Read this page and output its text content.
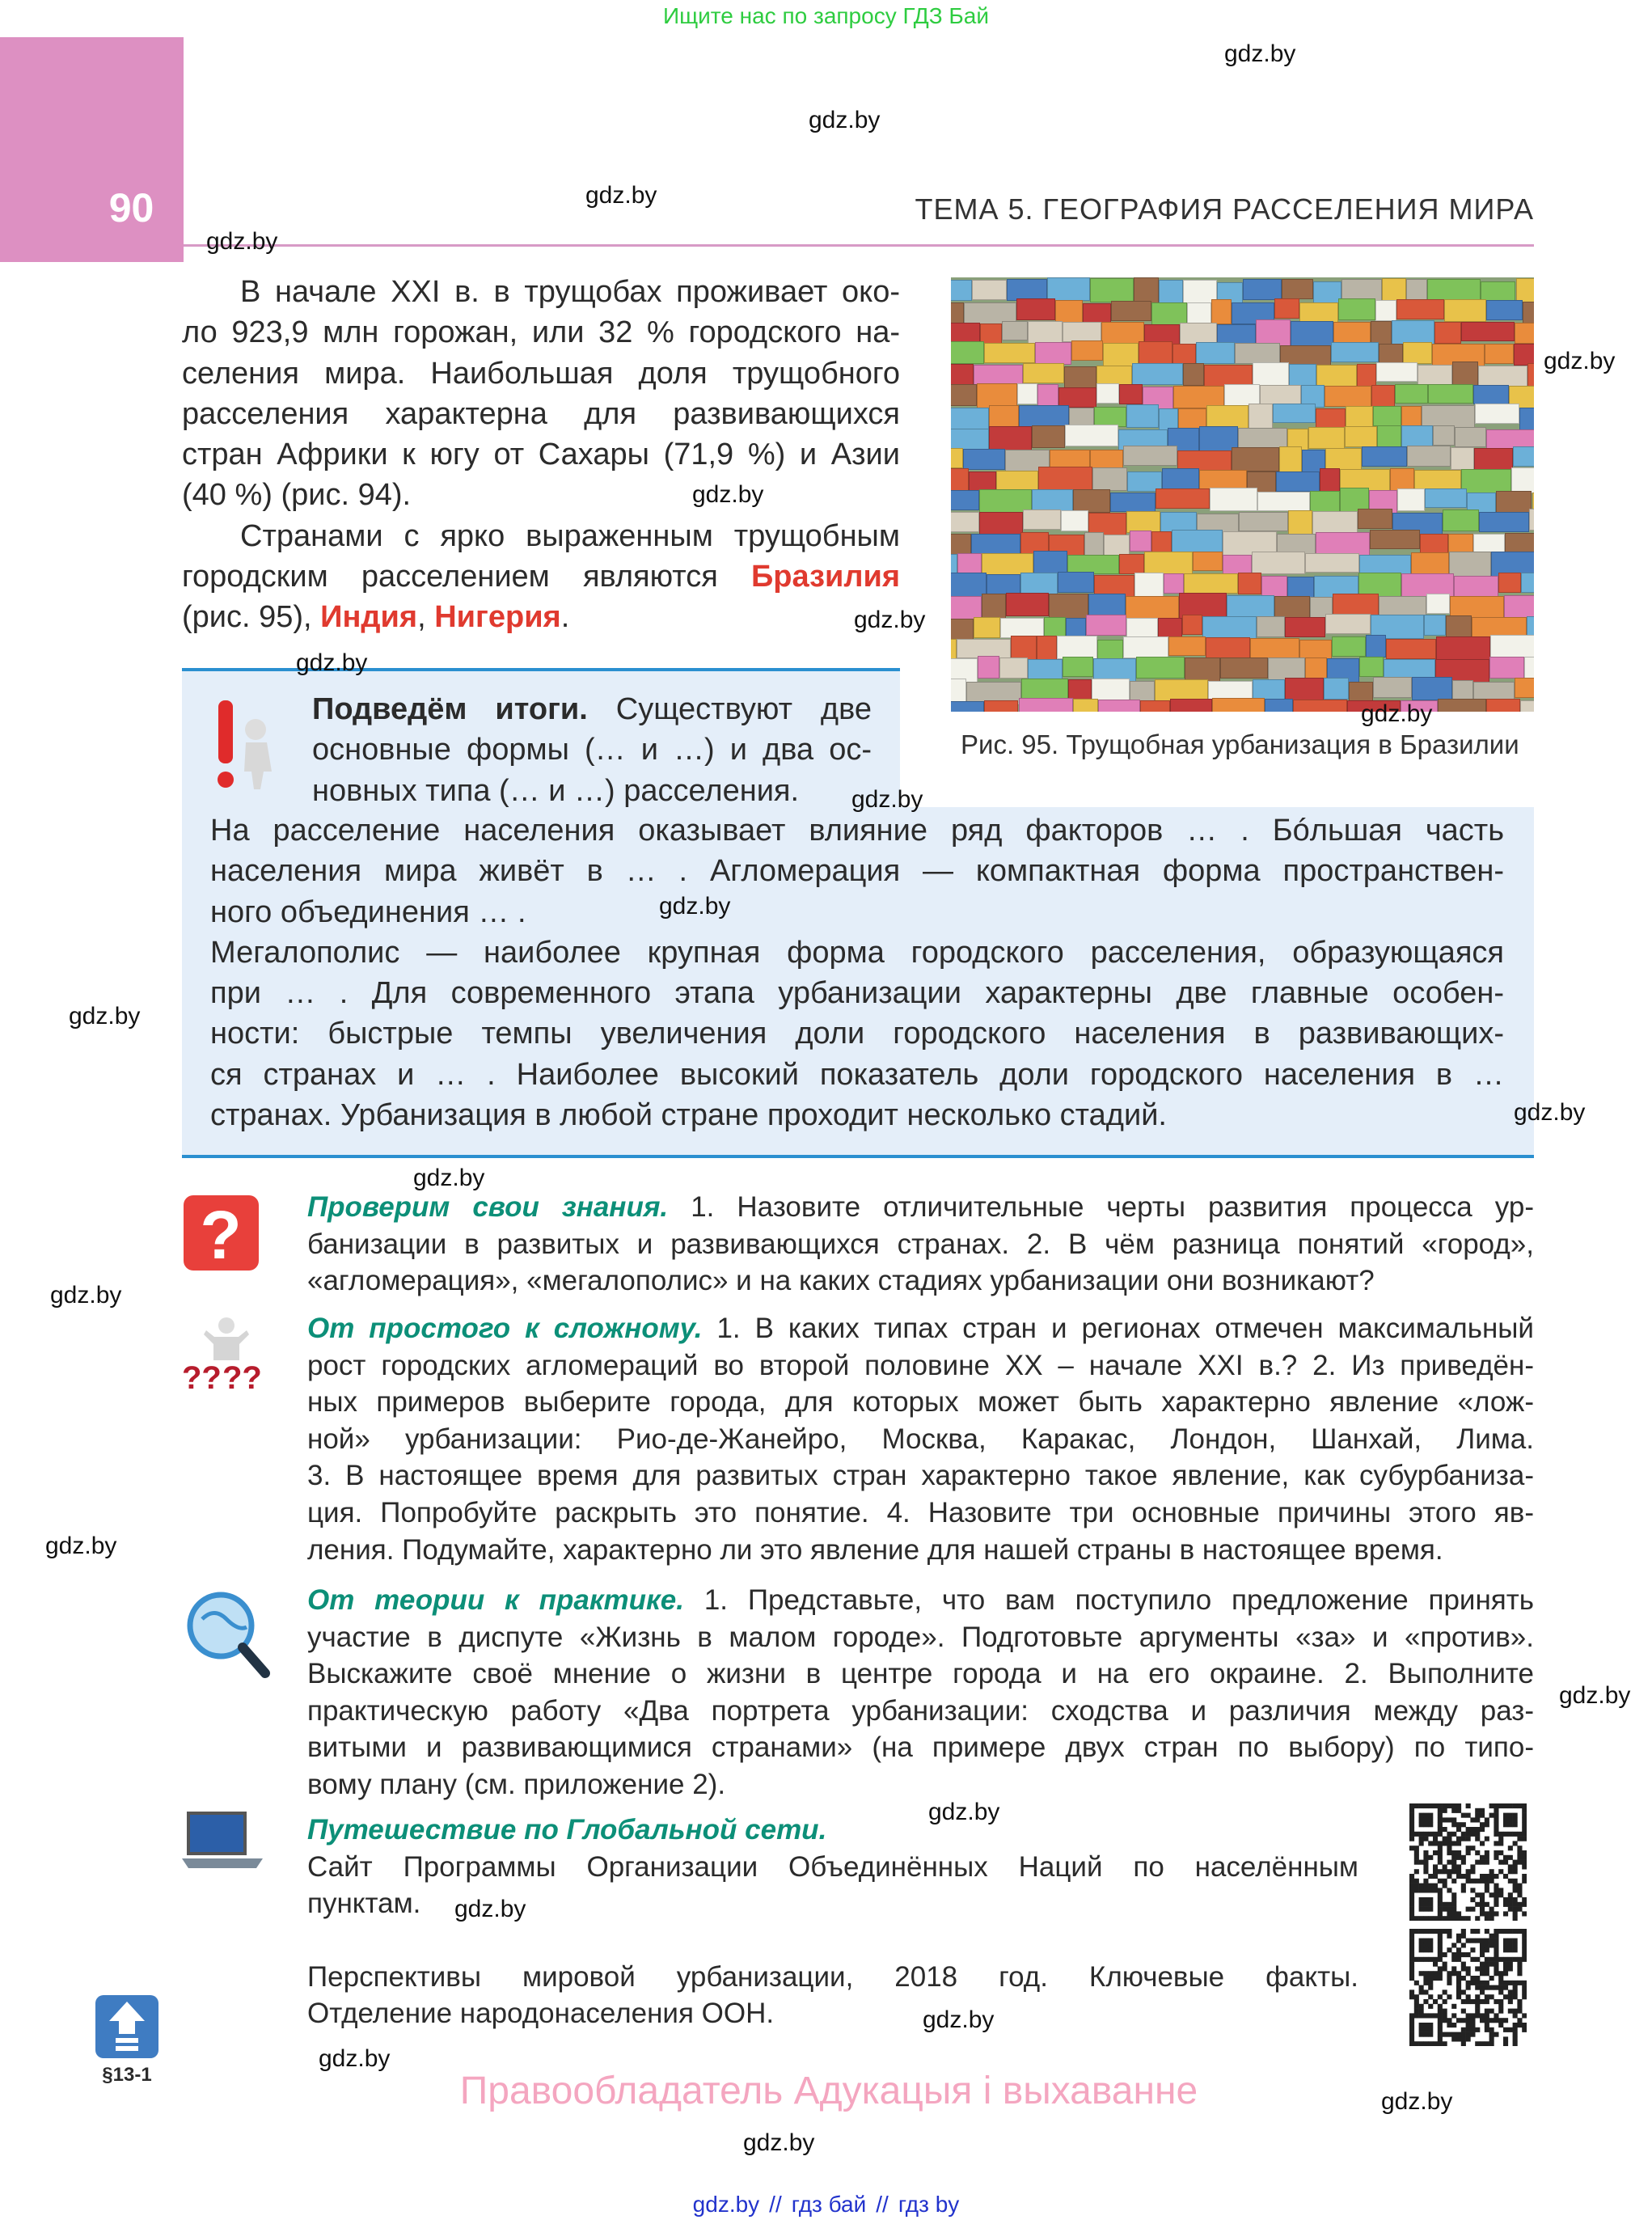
Ищите нас по запросу ГДЗ Бай
90	ТЕМА 5. ГЕОГРАФИЯ РАССЕЛЕНИЯ МИРА
В начале XXI в. в трущобах проживает око-
ло 923,9 млн горожан, или 32 % городского на-
селения мира. Наибольшая доля трущобного
расселения характерна для развивающихся
стран Африки к югу от Сахары (71,9 %) и Азии
(40 %) (рис. 94).
Странами с ярко выраженным трущобным
городским расселением являются Бразилия
(рис. 95), Индия, Нигерия.
Рис. 95. Трущобная урбанизация в Бразилии
Подведём итоги. Существуют две
основные формы (… и …) и два ос-
новных типа (… и …) расселения.
На расселение населения оказывает влияние ряд факторов … . Бóльшая часть
населения мира живёт в … . Агломерация — компактная форма пространствен-
ного объединения … .
Мегалополис — наиболее крупная форма городского расселения, образующаяся
при … . Для современного этапа урбанизации характерны две главные особен-
ности: быстрые темпы увеличения доли городского населения в развивающих-
ся странах и … . Наиболее высокий показатель доли городского населения в …
странах. Урбанизация в любой стране проходит несколько стадий.
? Проверим свои знания. 1. Назовите отличительные черты развития процесса ур-
банизации в развитых и развивающихся странах. 2. В чём разница понятий «город»,
«агломерация», «мегалополис» и на каких стадиях урбанизации они возникают?
?? ??
От простого к сложному. 1. В каких типах стран и регионах отмечен максимальный
рост городских агломераций во второй половине XX – начале XXI в.? 2. Из приведён-
ных примеров выберите города, для которых может быть характерно явление «лож-
ной» урбанизации: Рио-де-Жанейро, Москва, Каракас, Лондон, Шанхай, Лима.
3. В настоящее время для развитых стран характерно такое явление, как субурбаниза-
ция. Попробуйте раскрыть это понятие. 4. Назовите три основные причины этого яв-
ления. Подумайте, характерно ли это явление для нашей страны в настоящее время.
От теории к практике. 1. Представьте, что вам поступило предложение принять
участие в диспуте «Жизнь в малом городе». Подготовьте аргументы «за» и «против».
Выскажите своё мнение о жизни в центре города и на его окраине. 2. Выполните
практическую работу «Два портрета урбанизации: сходства и различия между раз-
витыми и развивающимися странами» (на примере двух стран по выбору) по типо-
вому плану (см. приложение 2).
Путешествие по Глобальной сети.
Сайт Программы Организации Объединённых Наций по населённым
пунктам.
Перспективы мировой урбанизации, 2018 год. Ключевые факты.
Отделение народонаселения ООН.
§13-1	Правообладатель Адукацыя і выхаванне
gdz.by
gdz.by
gdz.by
gdz.by
gdz.by
gdz.by
gdz.by
gdz.by
gdz.by
gdz.by
gdz.by
gdz.by
gdz.by
gdz.by
gdz.by
gdz.by
gdz.by
gdz.by
gdz.by
gdz.by
gdz.by
gdz.by
gdz.by
gdz.by // гдз бай // гдз by
